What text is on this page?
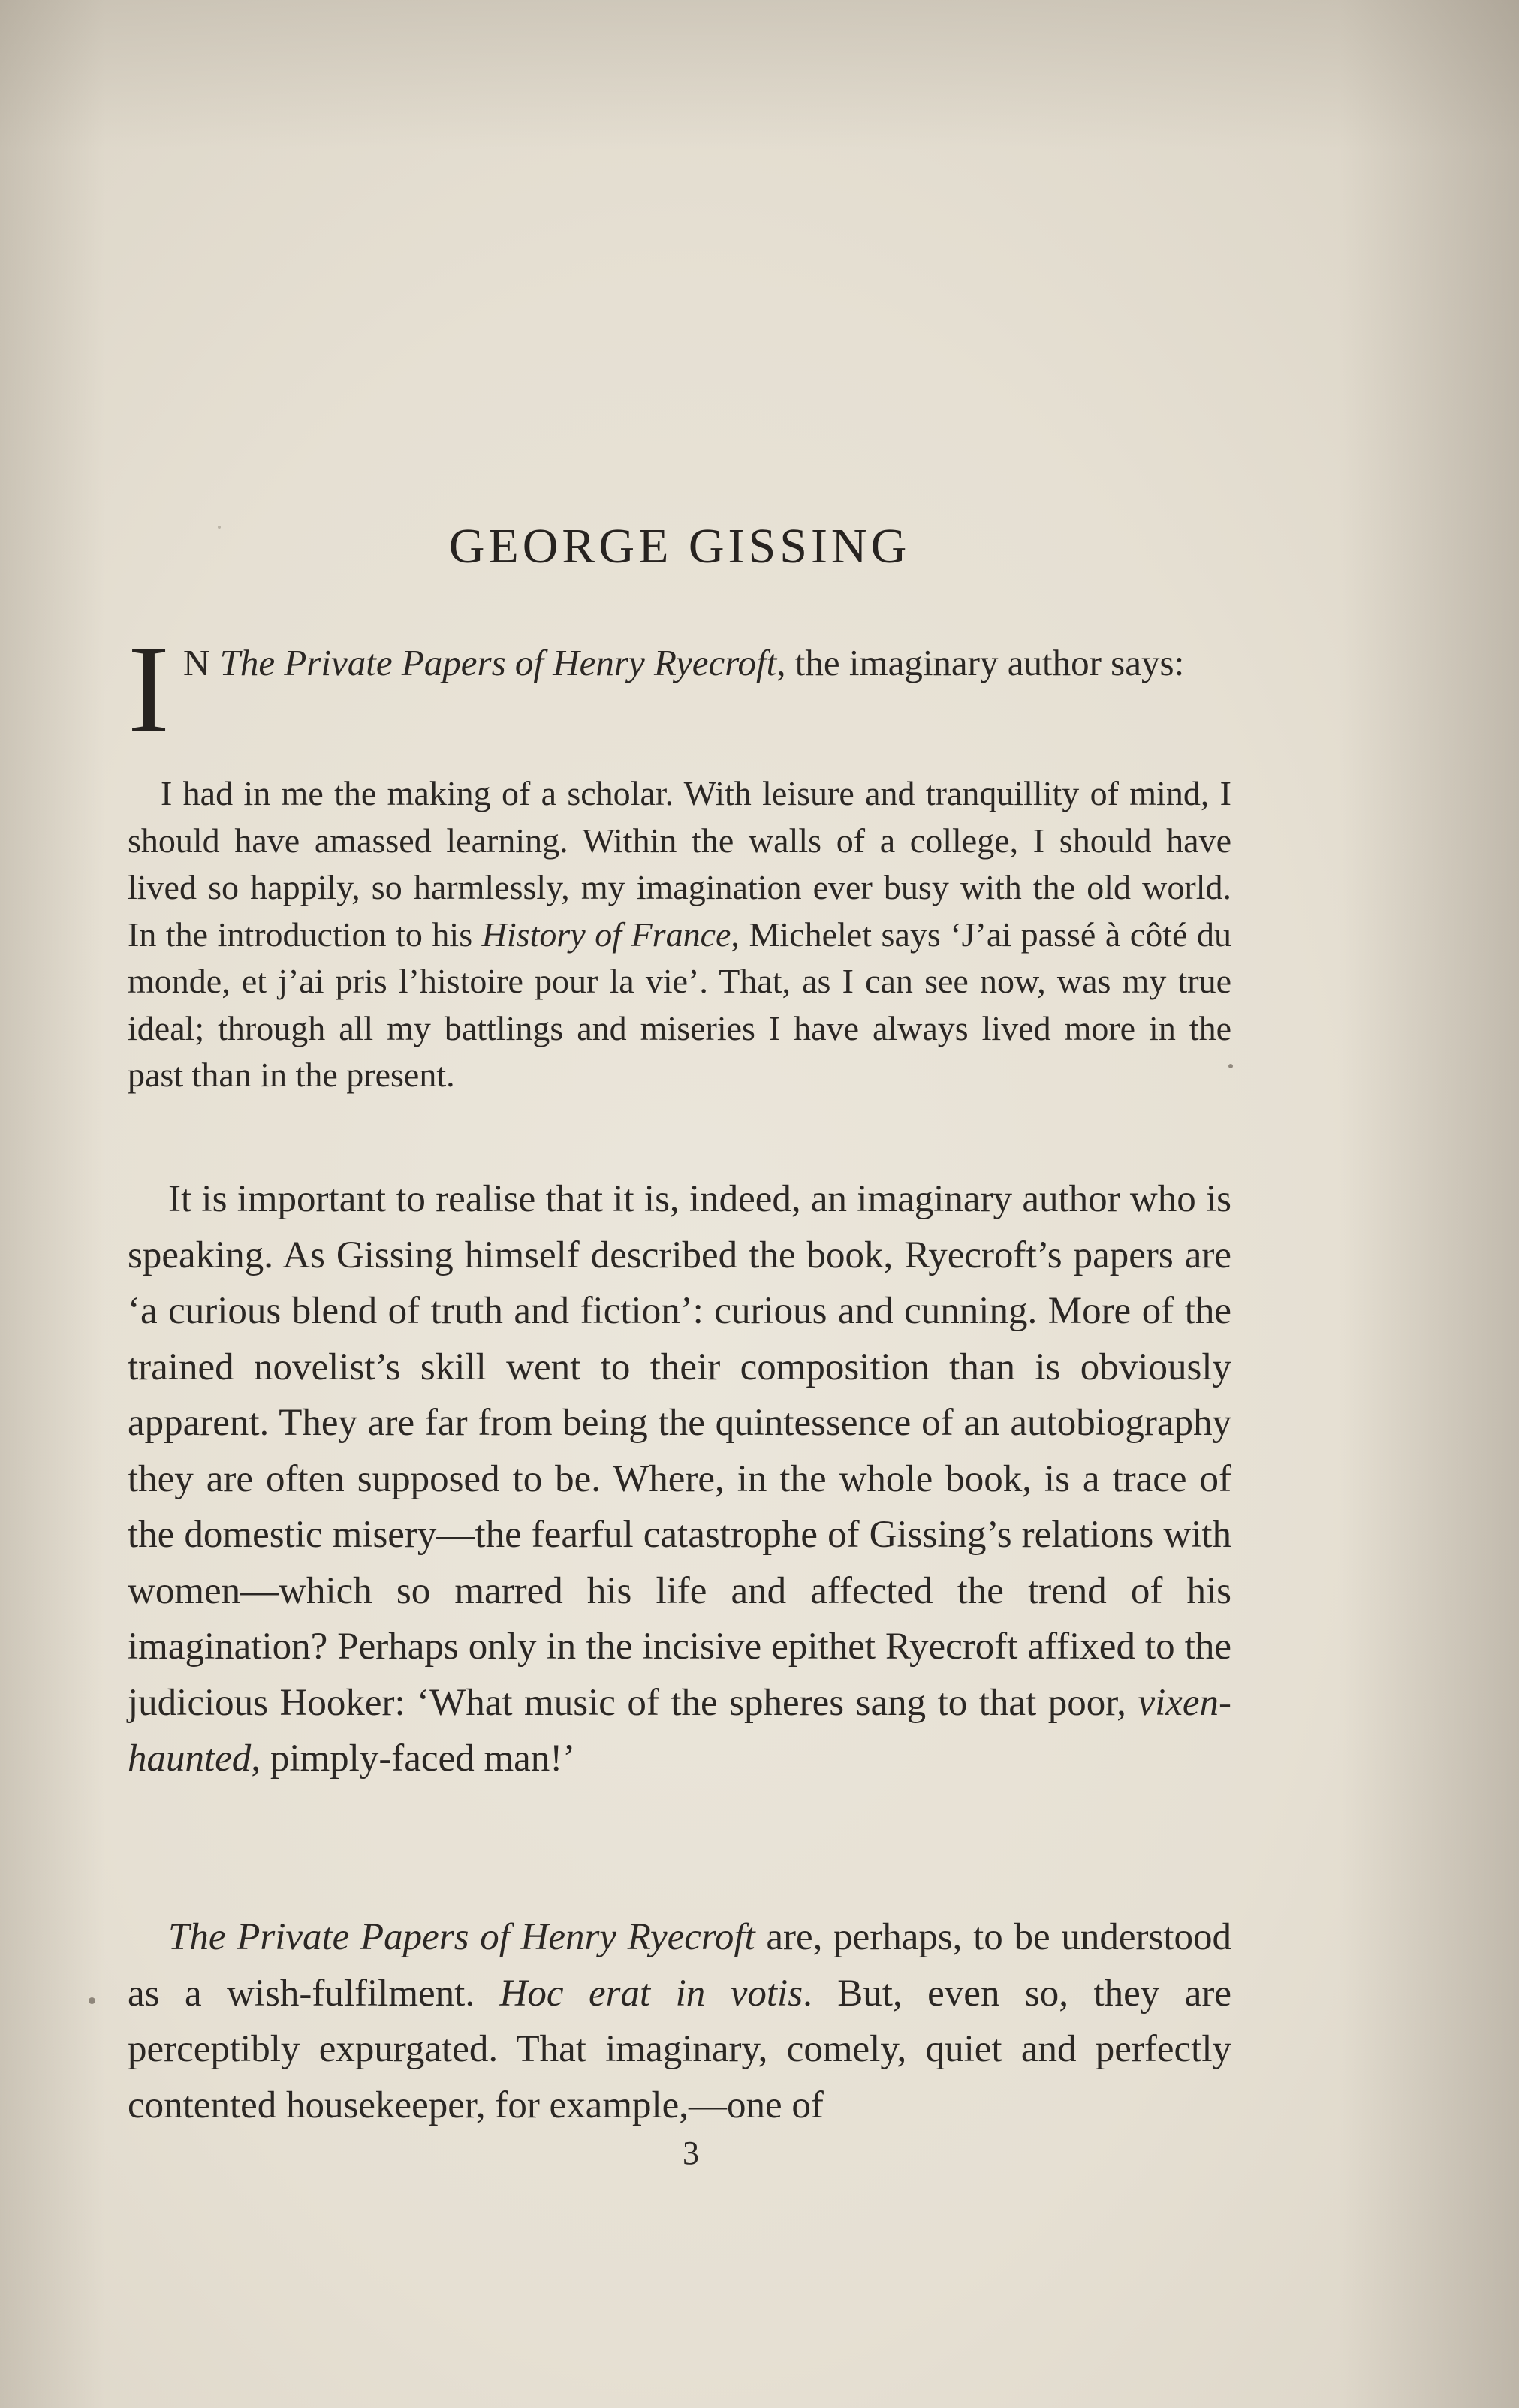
GEORGE GISSING

I N The Private Papers of Henry Ryecroft, the imaginary author says:

I had in me the making of a scholar. With leisure and tranquillity of mind, I should have amassed learning. Within the walls of a college, I should have lived so happily, so harmlessly, my imagination ever busy with the old world. In the introduction to his History of France, Michelet says ‘J’ai passé à côté du monde, et j’ai pris l’histoire pour la vie’. That, as I can see now, was my true ideal; through all my battlings and miseries I have always lived more in the past than in the present.

It is important to realise that it is, indeed, an imaginary author who is speaking. As Gissing himself described the book, Ryecroft’s papers are ‘a curious blend of truth and fiction’: curious and cunning. More of the trained novelist’s skill went to their composition than is obviously apparent. They are far from being the quintessence of an autobiography they are often supposed to be. Where, in the whole book, is a trace of the domestic misery—the fearful catastrophe of Gissing’s relations with women—which so marred his life and affected the trend of his imagination? Perhaps only in the incisive epithet Ryecroft affixed to the judicious Hooker: ‘What music of the spheres sang to that poor, vixen-haunted, pimply-faced man!’

The Private Papers of Henry Ryecroft are, perhaps, to be understood as a wish-fulfilment. Hoc erat in votis. But, even so, they are perceptibly expurgated. That imaginary, comely, quiet and perfectly contented housekeeper, for example,—one of

3
